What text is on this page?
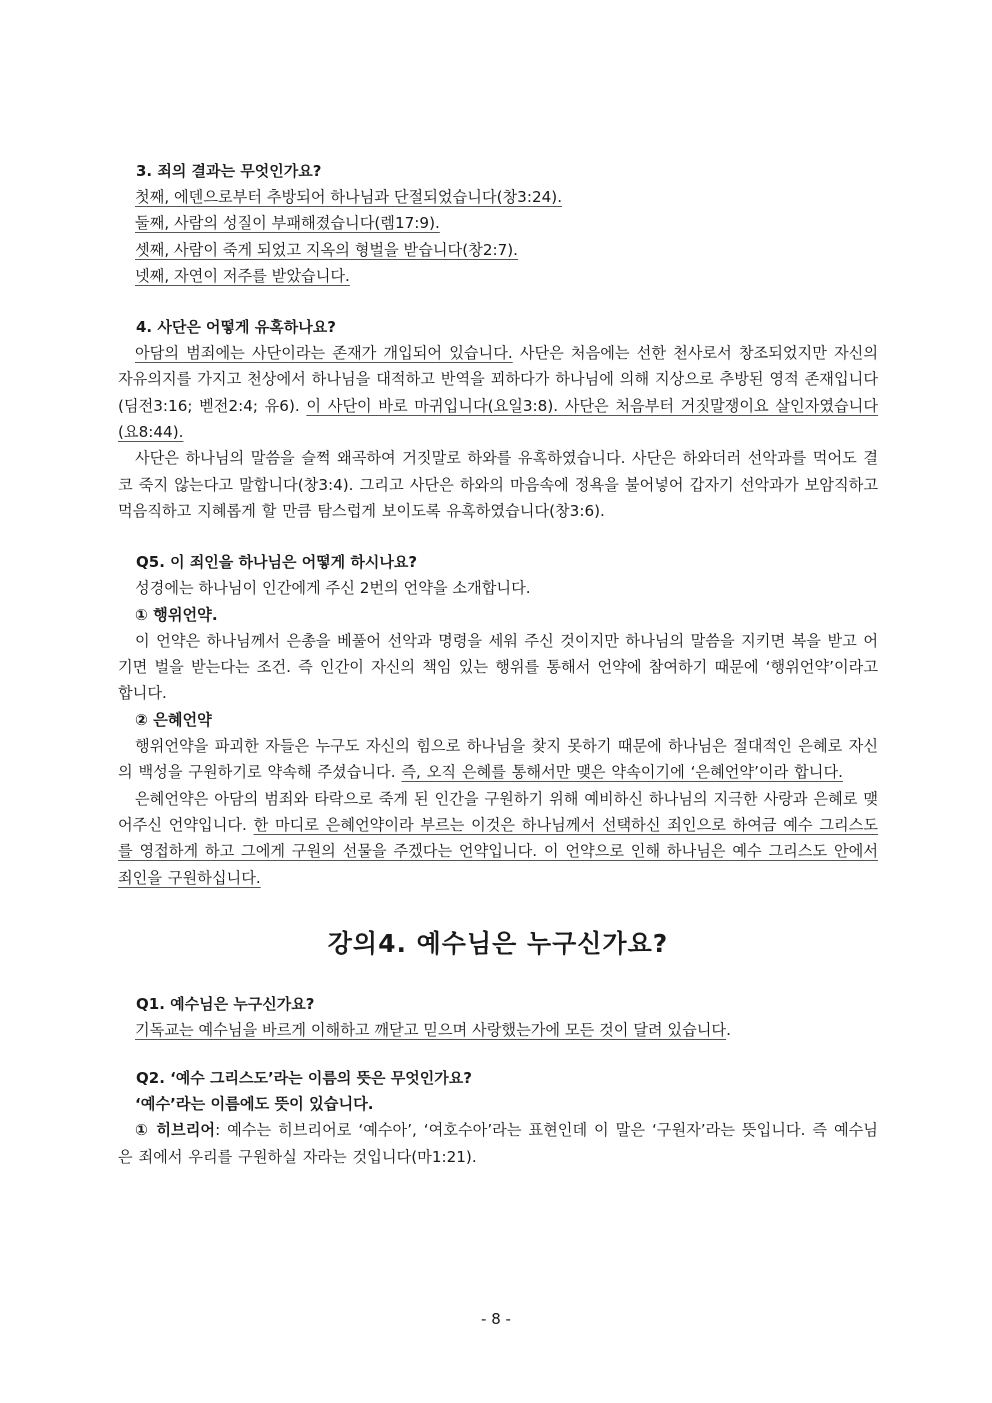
3. 죄의 결과는 무엇인가요?

첫째, 에덴으로부터 추방되어 하나님과 단절되었습니다(창3:24).

둘째, 사람의 성질이 부패해졌습니다(렘17:9).

셋째, 사람이 죽게 되었고 지옥의 형벌을 받습니다(창2:7).

넷째, 자연이 저주를 받았습니다.

4. 사단은 어떻게 유혹하나요?

아담의 범죄에는 사단이라는 존재가 개입되어 있습니다. 사단은 처음에는 선한 천사로서 창조되었지만 자신의 자유의지를 가지고 천상에서 하나님을 대적하고 반역을 꾀하다가 하나님에 의해 지상으로 추방된 영적 존재입니다(딤전3:16; 벧전2:4; 유6). 이 사단이 바로 마귀입니다(요일3:8). 사단은 처음부터 거짓말쟁이요 살인자였습니다(요8:44).

사단은 하나님의 말씀을 슬쩍 왜곡하여 거짓말로 하와를 유혹하였습니다. 사단은 하와더러 선악과를 먹어도 결코 죽지 않는다고 말합니다(창3:4). 그리고 사단은 하와의 마음속에 정욕을 불어넣어 갑자기 선악과가 보암직하고 먹음직하고 지혜롭게 할 만큼 탐스럽게 보이도록 유혹하였습니다(창3:6).

Q5. 이 죄인을 하나님은 어떻게 하시나요?

성경에는 하나님이 인간에게 주신 2번의 언약을 소개합니다.

① 행위언약.

이 언약은 하나님께서 은총을 베풀어 선악과 명령을 세워 주신 것이지만 하나님의 말씀을 지키면 복을 받고 어기면 벌을 받는다는 조건. 즉 인간이 자신의 책임 있는 행위를 통해서 언약에 참여하기 때문에 ‘행위언약’이라고 합니다.

② 은혜언약

행위언약을 파괴한 자들은 누구도 자신의 힘으로 하나님을 찾지 못하기 때문에 하나님은 절대적인 은혜로 자신의 백성을 구원하기로 약속해 주셨습니다. 즉, 오직 은혜를 통해서만 맺은 약속이기에 ‘은혜언약’이라 합니다.

은혜언약은 아담의 범죄와 타락으로 죽게 된 인간을 구원하기 위해 예비하신 하나님의 지극한 사랑과 은혜로 맺어주신 언약입니다. 한 마디로 은혜언약이라 부르는 이것은 하나님께서 선택하신 죄인으로 하여금 예수 그리스도를 영접하게 하고 그에게 구원의 선물을 주겠다는 언약입니다. 이 언약으로 인해 하나님은 예수 그리스도 안에서 죄인을 구원하십니다.

강의4. 예수님은 누구신가요?

Q1. 예수님은 누구신가요?

기독교는 예수님을 바르게 이해하고 깨닫고 믿으며 사랑했는가에 모든 것이 달려 있습니다.

Q2. ‘예수 그리스도’라는 이름의 뜻은 무엇인가요?

‘예수’라는 이름에도 뜻이 있습니다.

① 히브리어: 예수는 히브리어로 ‘예수아’, ‘여호수아’라는 표현인데 이 말은 ‘구원자’라는 뜻입니다. 즉 예수님은 죄에서 우리를 구원하실 자라는 것입니다(마1:21).

- 8 -
